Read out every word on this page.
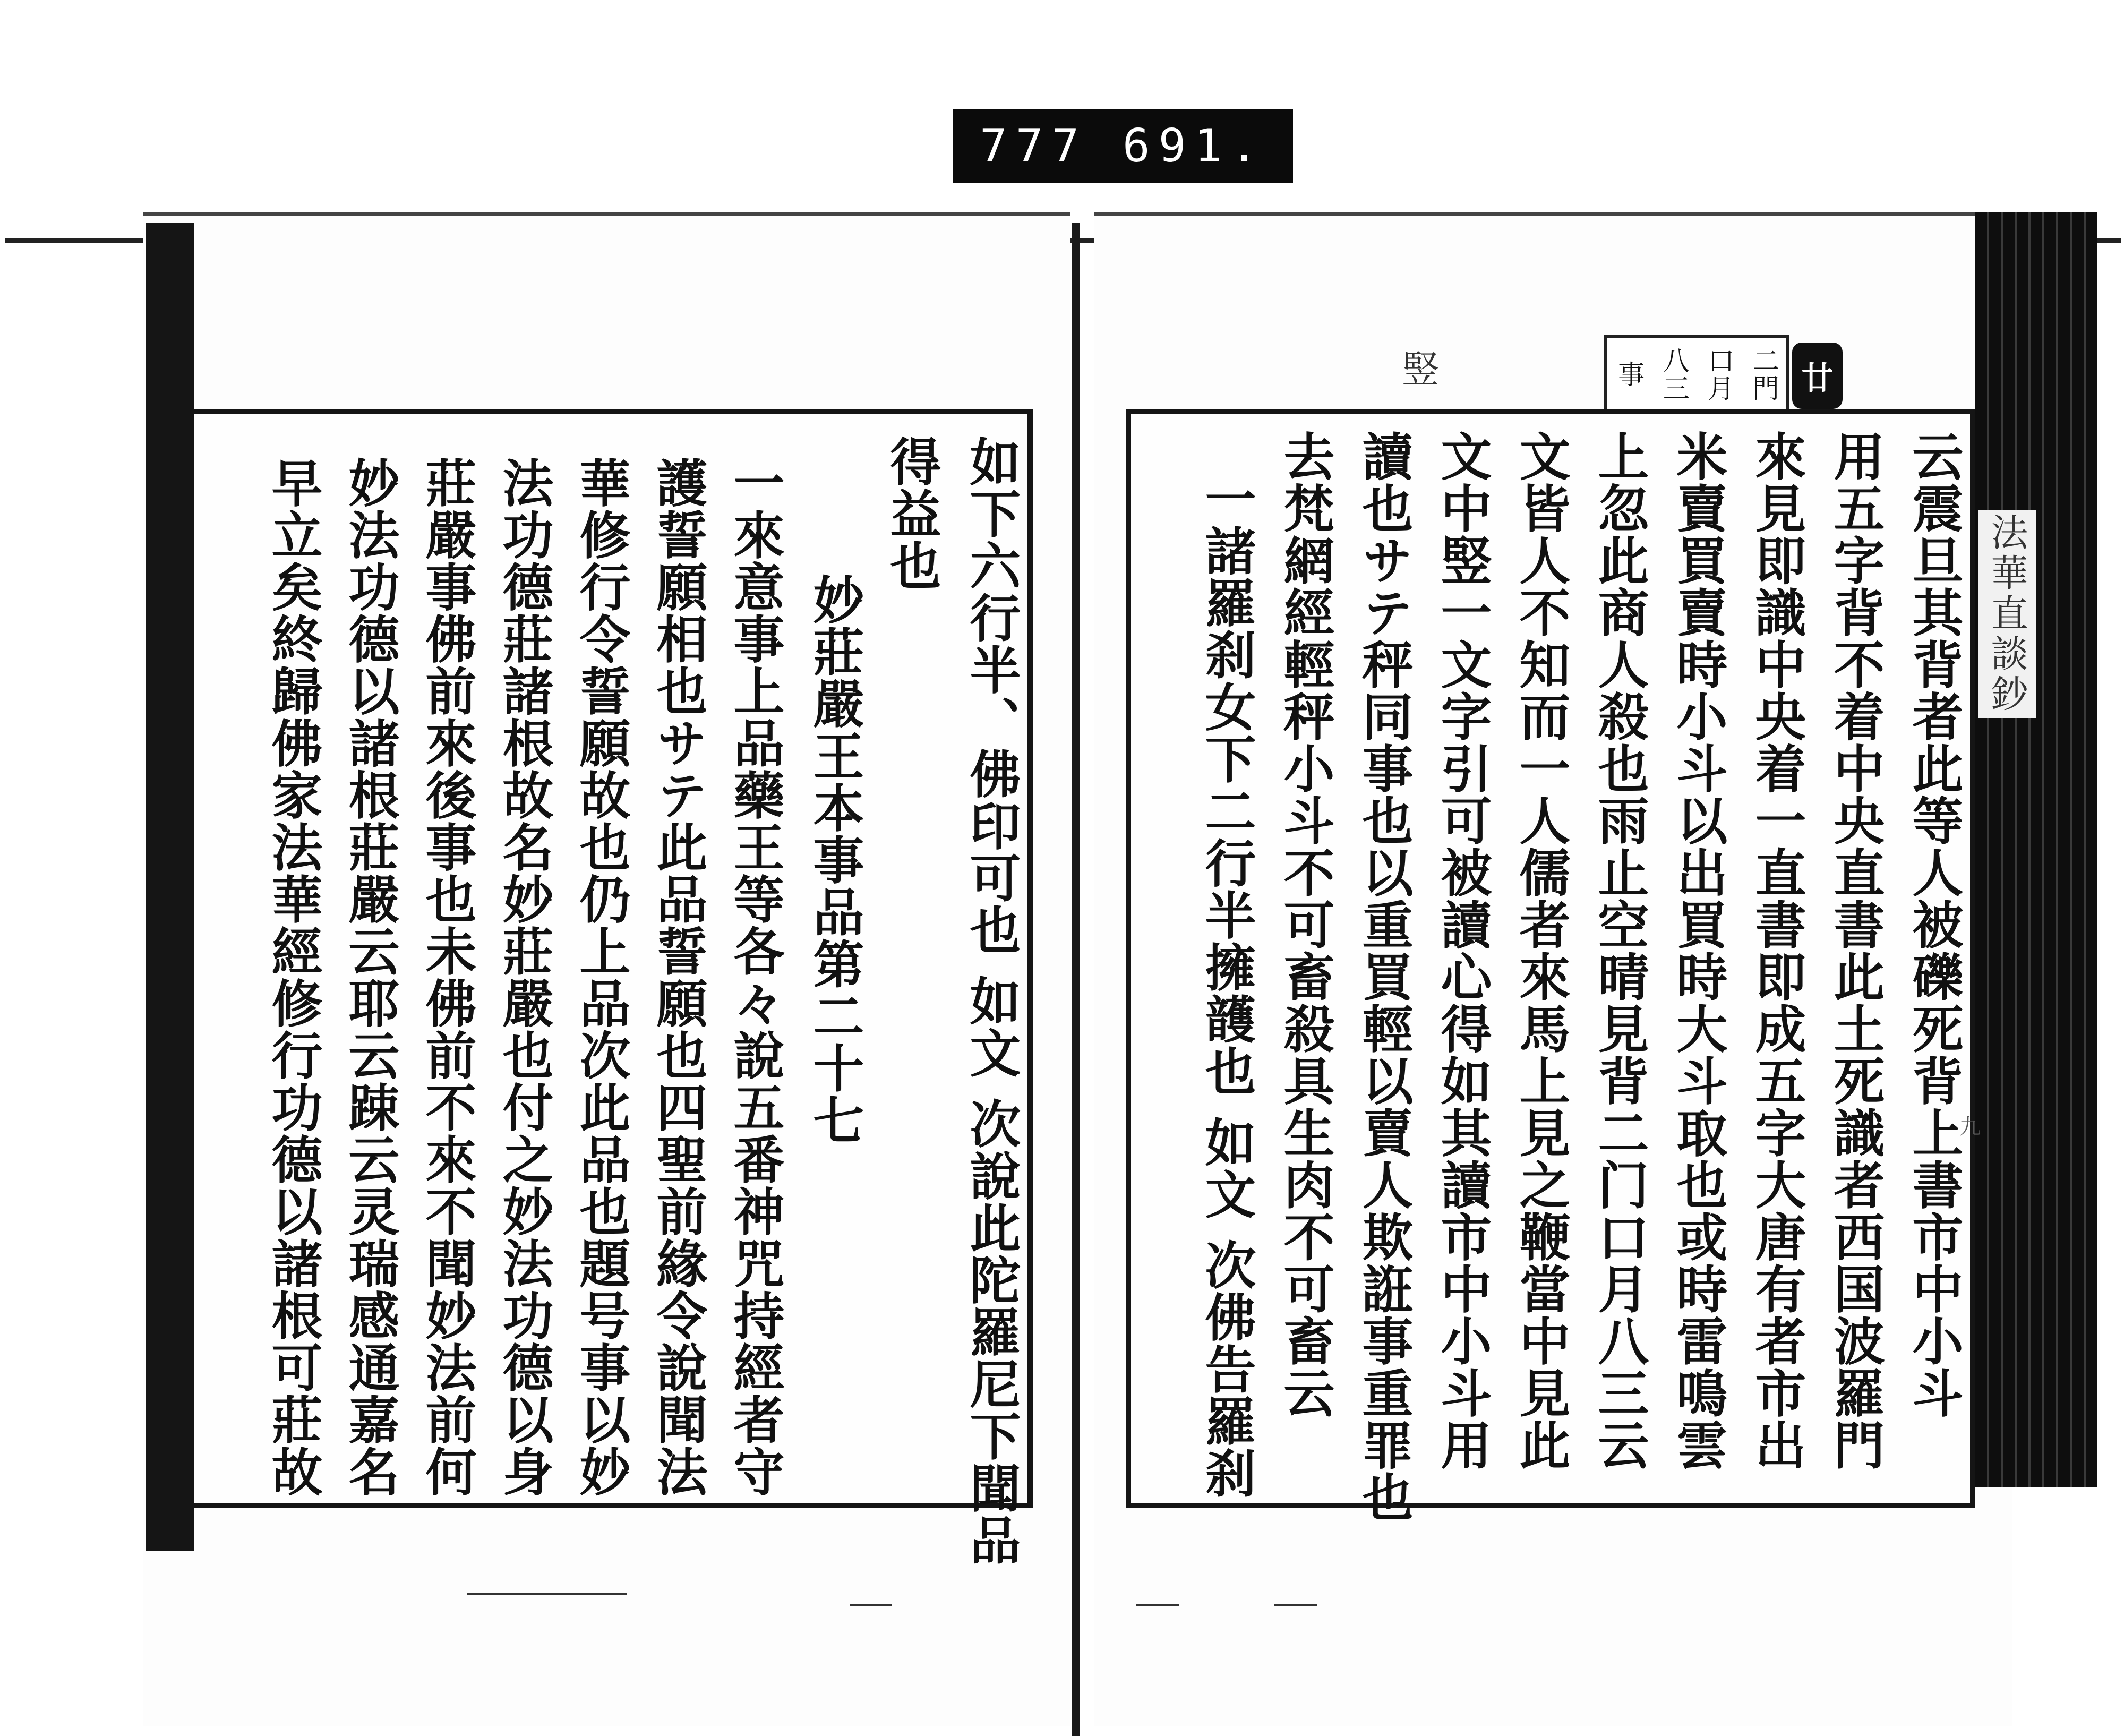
777 691.
法華直談鈔
如下六行半、佛印可也 如文 次說此陀羅尼下聞品
得益也
妙莊嚴王本事品第二十七
一來意事上品藥王等各々說五番神咒持經者守
護誓願相也サテ此品誓願也四聖前緣令說聞法
華修行令誓願故也仍上品次此品也題号事以妙
法功德莊諸根故名妙莊嚴也付之妙法功德以身
莊嚴事佛前來後事也未佛前不來不聞妙法前何
妙法功德以諸根莊嚴云耶云踈云灵瑞感通嘉名
早立矣終歸佛家法華經修行功德以諸根可莊故
竪	二門
口月
八三
事	廿
云震旦其背者此等人被礫死背上書市中小斗
用五字背不着中央直書此土死識者西国波羅門
來見即識中央着一直書即成五字大唐有者市出
米賣買賣時小斗以出買時大斗取也或時雷鳴雲
上忽此商人殺也雨止空晴見背二门口月八三云
文皆人不知而一人儒者來馬上見之鞭當中見此
文中竪一文字引可被讀心得如其讀市中小斗用
讀也サテ秤同事也以重買輕以賣人欺誑事重罪也
去梵網經輕秤小斗不可畜殺具生肉不可畜云
一諸羅刹女下二行半擁頀也 如文 次佛告羅刹	九
